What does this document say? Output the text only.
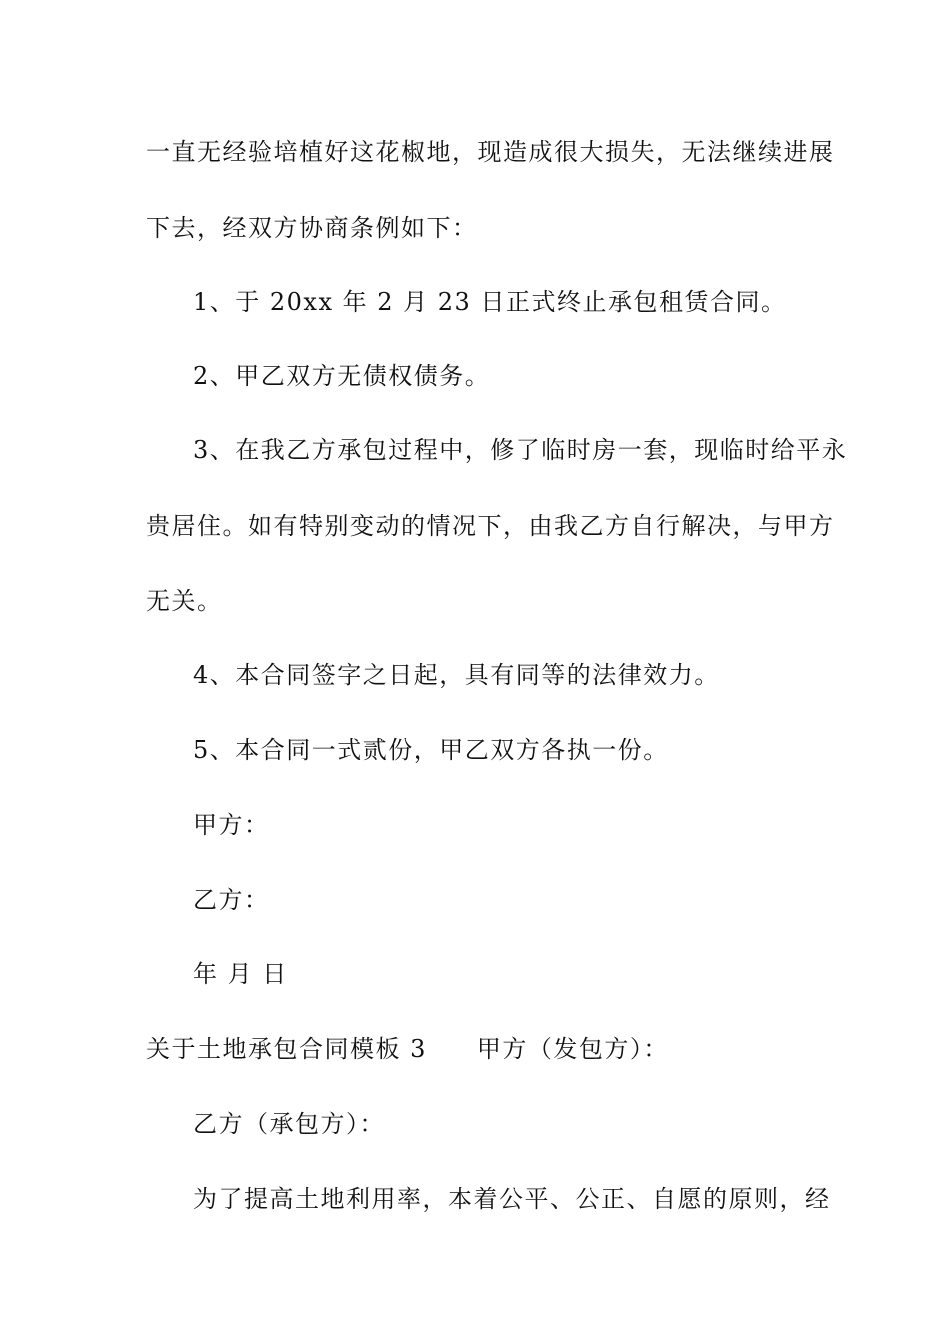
一直无经验培植好这花椒地，现造成很大损失，无法继续进展
下去，经双方协商条例如下：
1、于 20xx 年 2 月 23 日正式终止承包租赁合同。
2、甲乙双方无债权债务。
3、在我乙方承包过程中，修了临时房一套，现临时给平永
贵居住。如有特别变动的情况下，由我乙方自行解决，与甲方
无关。
4、本合同签字之日起，具有同等的法律效力。
5、本合同一式贰份，甲乙双方各执一份。
甲方：
乙方：
年 月 日
关于土地承包合同模板 3 甲方（发包方）：
乙方（承包方）：
为了提高土地利用率，本着公平、公正、自愿的原则，经
